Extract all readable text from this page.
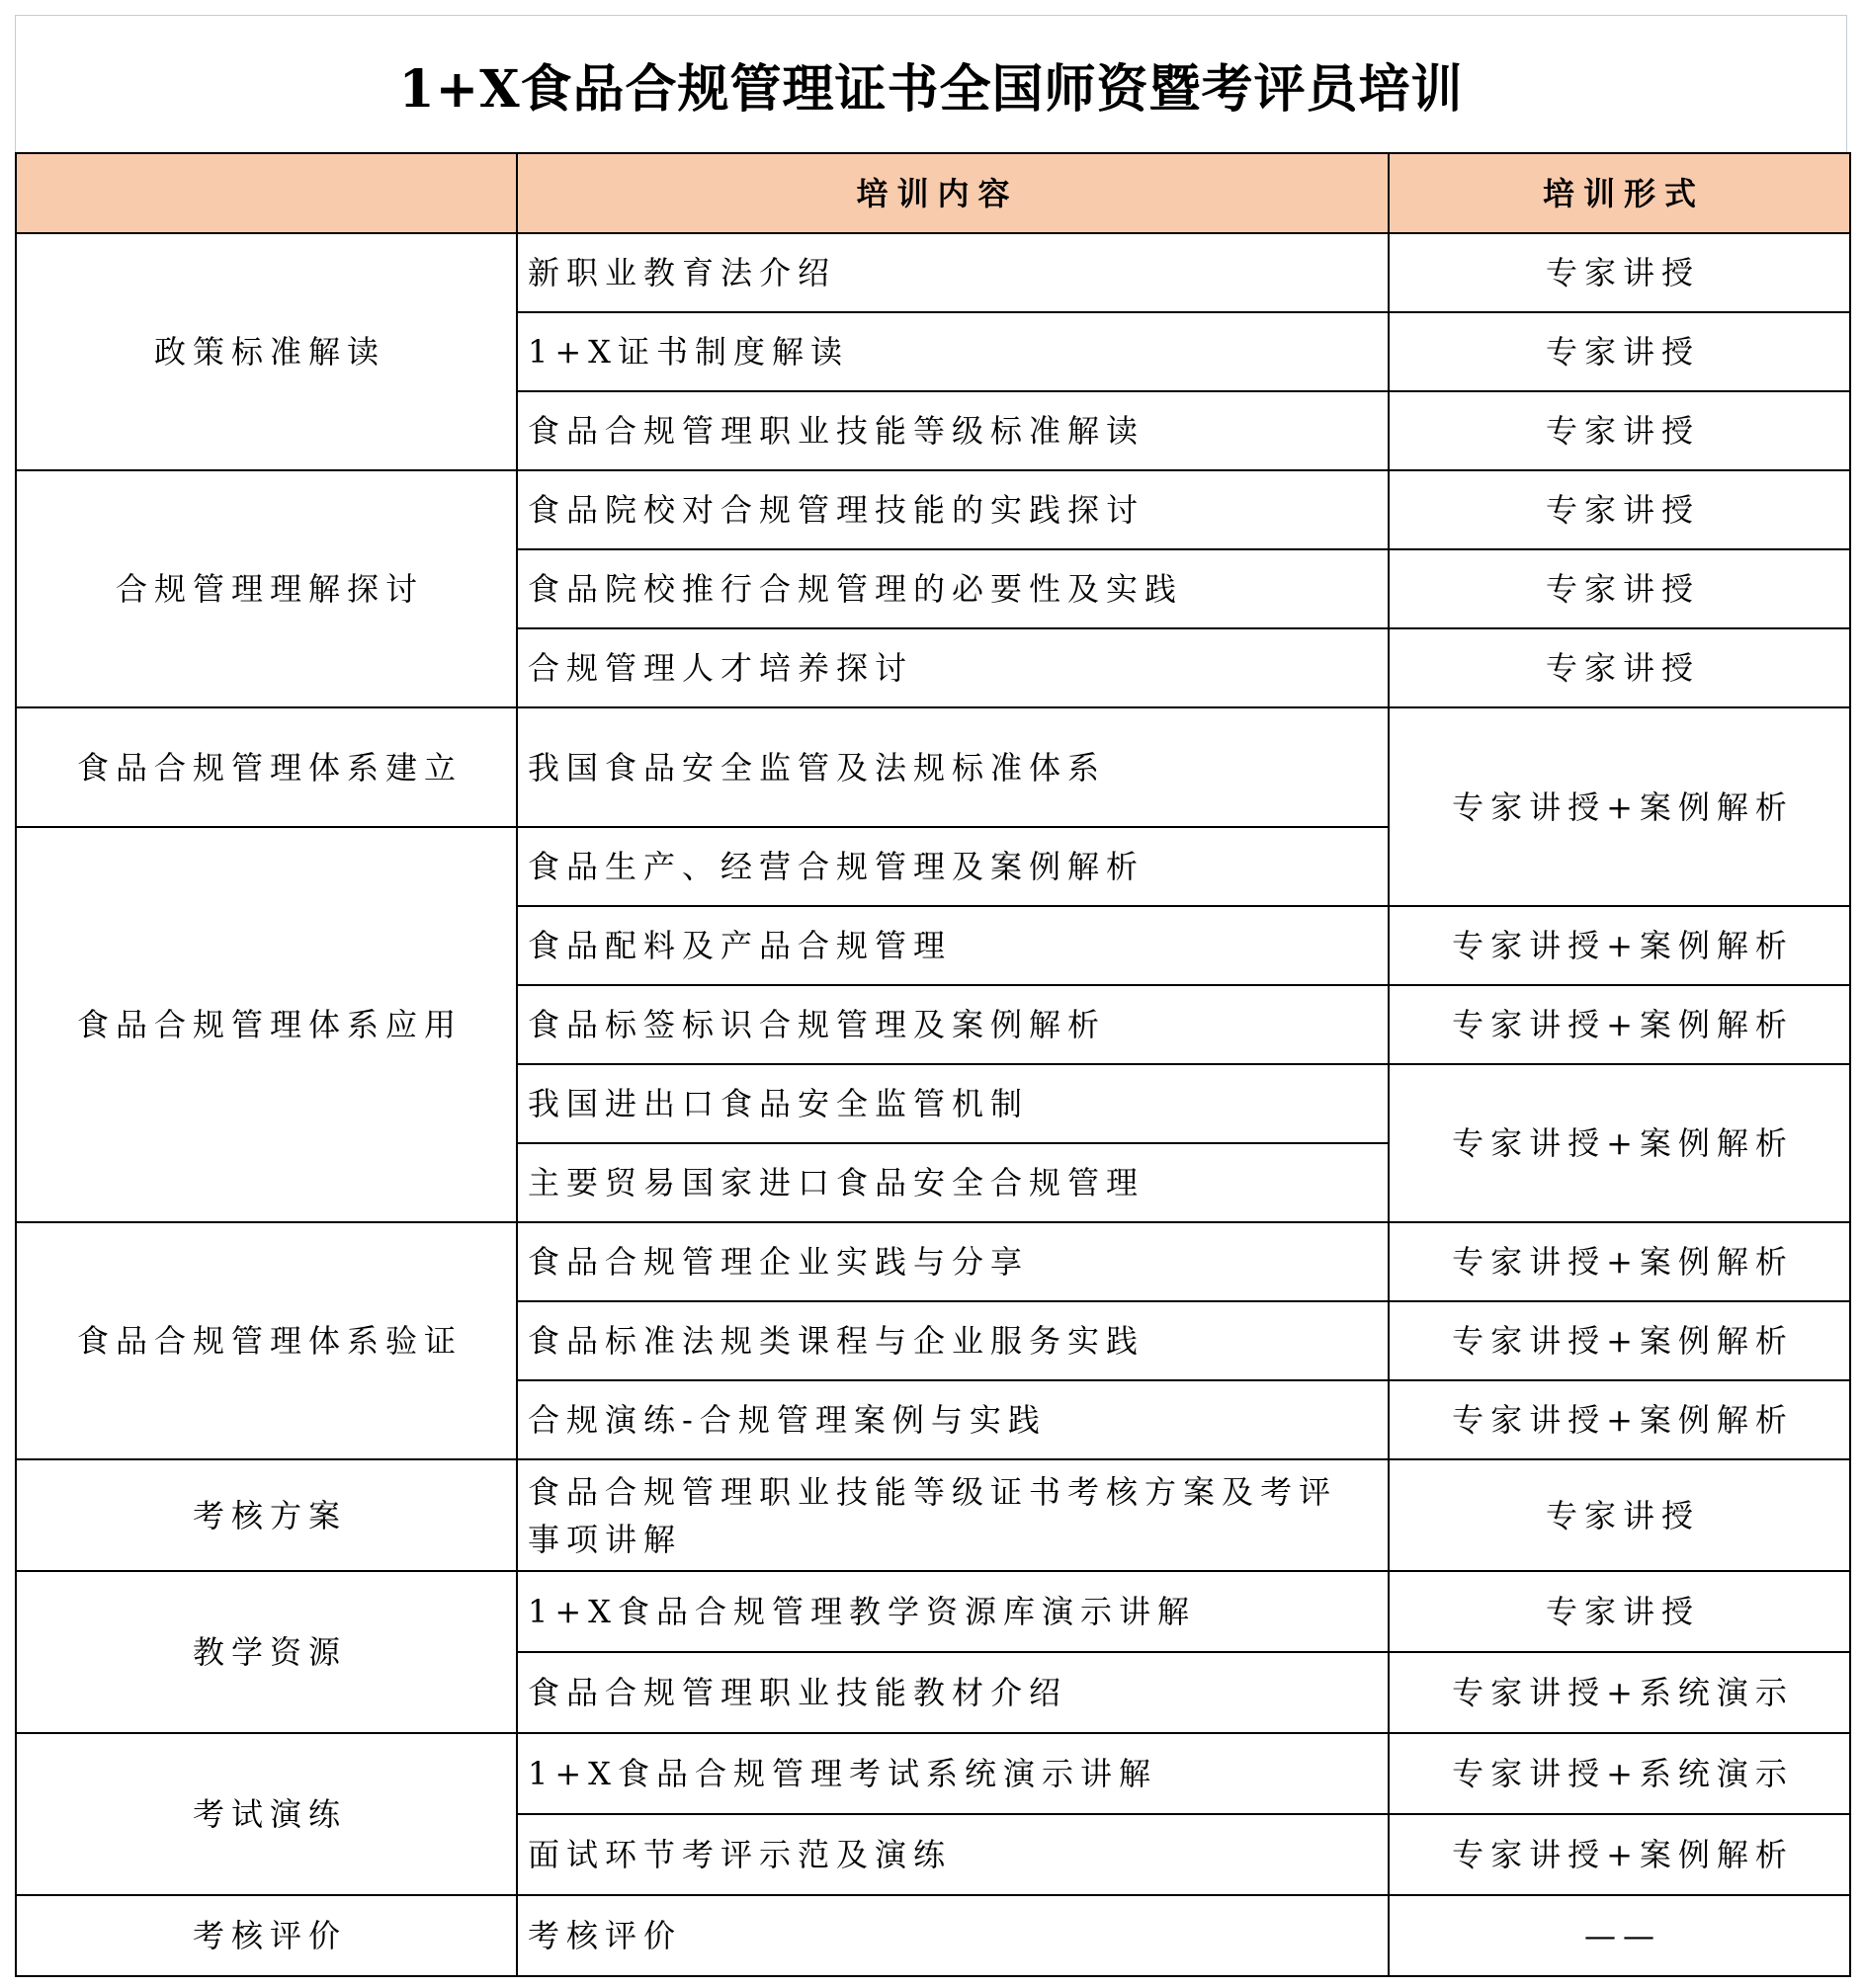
1+X食品合规管理证书全国师资暨考评员培训
	培训内容	培训形式
政策标准解读	新职业教育法介绍	专家讲授
	1+X证书制度解读	专家讲授
	食品合规管理职业技能等级标准解读	专家讲授
合规管理理解探讨	食品院校对合规管理技能的实践探讨	专家讲授
	食品院校推行合规管理的必要性及实践	专家讲授
	合规管理人才培养探讨	专家讲授
食品合规管理体系建立	我国食品安全监管及法规标准体系	专家讲授+案例解析
食品合规管理体系应用	食品生产、经营合规管理及案例解析	
	食品配料及产品合规管理	专家讲授+案例解析
	食品标签标识合规管理及案例解析	专家讲授+案例解析
	我国进出口食品安全监管机制	专家讲授+案例解析
	主要贸易国家进口食品安全合规管理	
食品合规管理体系验证	食品合规管理企业实践与分享	专家讲授+案例解析
	食品标准法规类课程与企业服务实践	专家讲授+案例解析
	合规演练-合规管理案例与实践	专家讲授+案例解析
考核方案	食品合规管理职业技能等级证书考核方案及考评事项讲解	专家讲授
教学资源	1+X食品合规管理教学资源库演示讲解	专家讲授
	食品合规管理职业技能教材介绍	专家讲授+系统演示
考试演练	1+X食品合规管理考试系统演示讲解	专家讲授+系统演示
	面试环节考评示范及演练	专家讲授+案例解析
考核评价	考核评价	——
